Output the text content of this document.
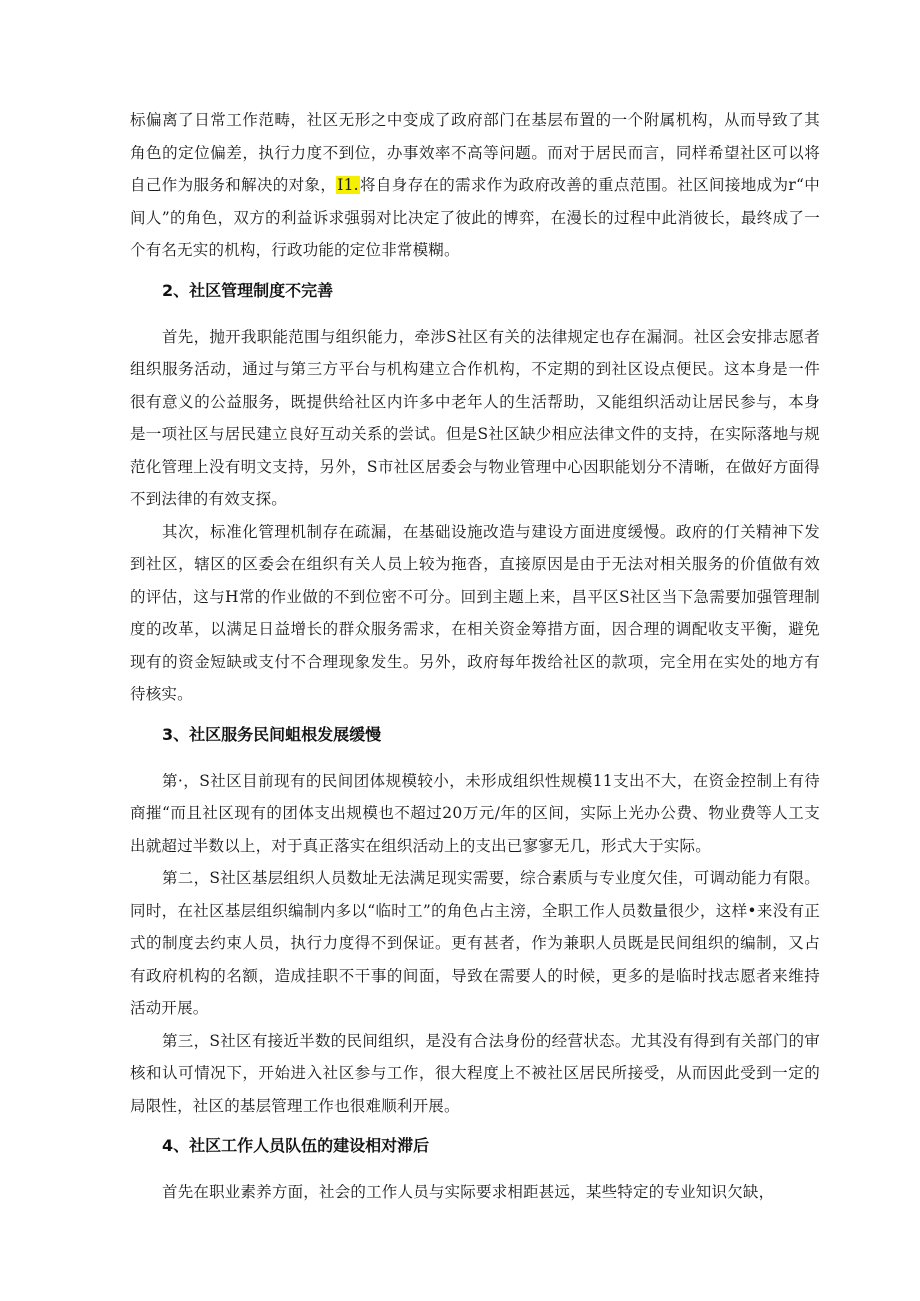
标偏离了日常工作范畴，社区无形之中变成了政府部门在基层布置的一个附属机构，从而导致了其角色的定位偏差，执行力度不到位，办事效率不高等问题。而对于居民而言，同样希望社区可以将自己作为服务和解决的对象，I1.将自身存在的需求作为政府改善的重点范围。社区间接地成为r“中间人”的角色，双方的利益诉求强弱对比决定了彼此的博弈，在漫长的过程中此消彼长，最终成了一个有名无实的机构，行政功能的定位非常模糊。

2、社区管理制度不完善

首先，抛开我职能范围与组织能力，牵涉S社区有关的法律规定也存在漏洞。社区会安排志愿者组织服务活动，通过与第三方平台与机构建立合作机构，不定期的到社区设点便民。这本身是一件很有意义的公益服务，既提供给社区内许多中老年人的生活帮助，又能组织活动让居民参与，本身是一项社区与居民建立良好互动关系的尝试。但是S社区缺少相应法律文件的支持，在实际落地与规范化管理上没有明文支持，另外，S市社区居委会与物业管理中心因职能划分不清晰，在做好方面得不到法律的有效支探。

其次，标准化管理机制存在疏漏，在基础设施改造与建设方面进度缓慢。政府的仃关精神下发到社区，辖区的区委会在组织有关人员上较为拖沓，直接原因是由于无法对相关服务的价值做有效的评估，这与H常的作业做的不到位密不可分。回到主题上来，昌平区S社区当下急需要加强管理制度的改革，以满足日益增长的群众服务需求，在相关资金筹措方面，因合理的调配收支平衡，避免现有的资金短缺或支付不合理现象发生。另外，政府每年拨给社区的款项，完全用在实处的地方有待核实。

3、社区服务民间蛆根发展缓慢

第·，S社区目前现有的民间团体规模较小，未形成组织性规模11支出不大，在资金控制上有待商摧“而且社区现有的团体支出规模也不超过20万元/年的区间，实际上光办公费、物业费等人工支出就超过半数以上，对于真正落实在组织活动上的支出已寥寥无几，形式大于实际。

第二，S社区基层组织人员数址无法满足现实需要，综合素质与专业度欠佳，可调动能力有限。同时，在社区基层组织编制内多以“临时工”的角色占主滂，全职工作人员数量很少，这样•来没有正式的制度去约束人员，执行力度得不到保证。更有甚者，作为兼职人员既是民间组织的编制，又占有政府机构的名额，造成挂职不干事的间面，导致在需要人的时候，更多的是临时找志愿者来维持活动开展。

第三，S社区有接近半数的民间组织，是没有合法身份的经营状态。尤其没有得到有关部门的审核和认可情况下，开始进入社区参与工作，很大程度上不被社区居民所接受，从而因此受到一定的局限性，社区的基层管理工作也很难顺利开展。

4、社区工作人员队伍的建设相对滞后

首先在职业素养方面，社会的工作人员与实际要求相距甚远，某些特定的专业知识欠缺，
